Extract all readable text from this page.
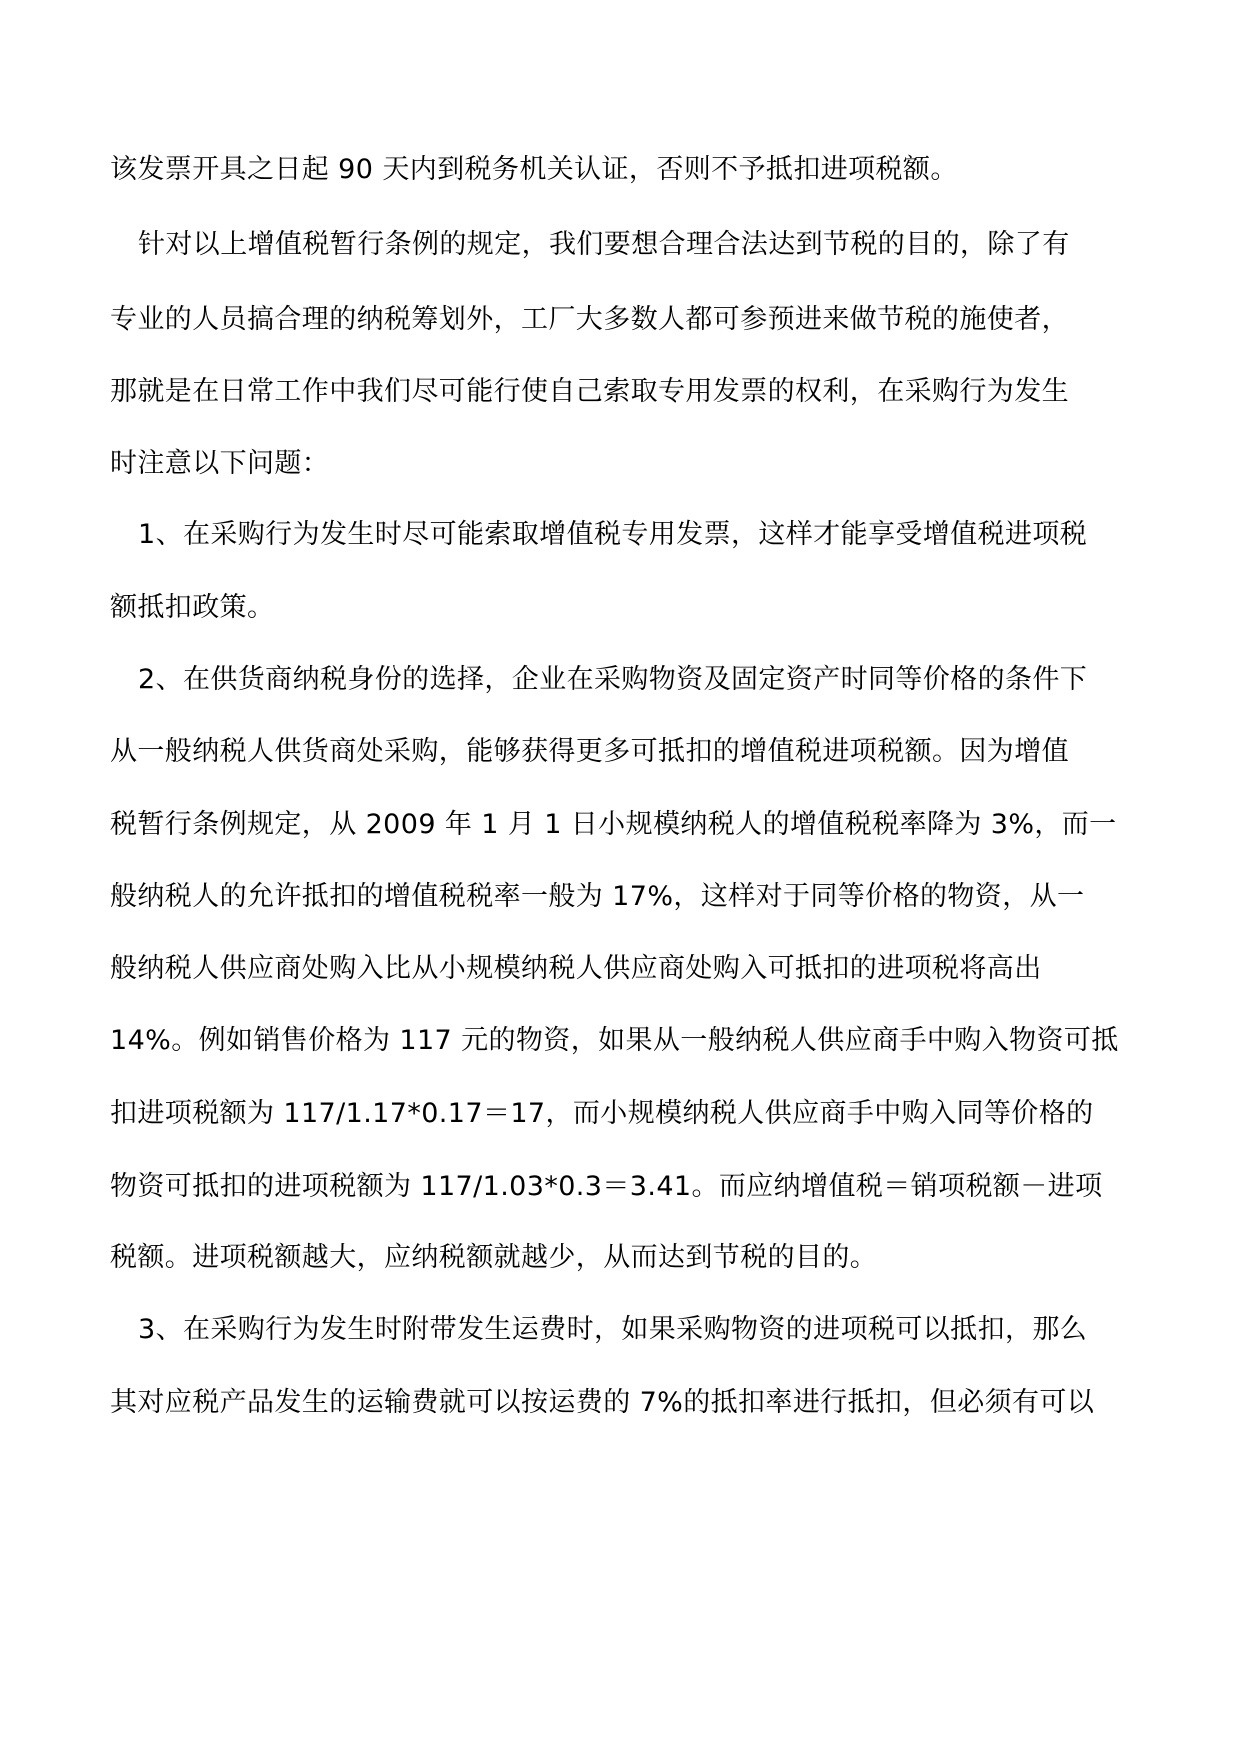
该发票开具之日起 90 天内到税务机关认证，否则不予抵扣进项税额。
针对以上增值税暂行条例的规定，我们要想合理合法达到节税的目的，除了有
专业的人员搞合理的纳税筹划外，工厂大多数人都可参预进来做节税的施使者，
那就是在日常工作中我们尽可能行使自己索取专用发票的权利，在采购行为发生
时注意以下问题：
1、在采购行为发生时尽可能索取增值税专用发票，这样才能享受增值税进项税
额抵扣政策。
2、在供货商纳税身份的选择，企业在采购物资及固定资产时同等价格的条件下
从一般纳税人供货商处采购，能够获得更多可抵扣的增值税进项税额。因为增值
税暂行条例规定，从 2009 年 1 月 1 日小规模纳税人的增值税税率降为 3%，而一
般纳税人的允许抵扣的增值税税率一般为 17%，这样对于同等价格的物资，从一
般纳税人供应商处购入比从小规模纳税人供应商处购入可抵扣的进项税将高出
14%。例如销售价格为 117 元的物资，如果从一般纳税人供应商手中购入物资可抵
扣进项税额为 117/1.17*0.17＝17，而小规模纳税人供应商手中购入同等价格的
物资可抵扣的进项税额为 117/1.03*0.3＝3.41。而应纳增值税＝销项税额－进项
税额。进项税额越大，应纳税额就越少，从而达到节税的目的。
3、在采购行为发生时附带发生运费时，如果采购物资的进项税可以抵扣，那么
其对应税产品发生的运输费就可以按运费的 7%的抵扣率进行抵扣，但必须有可以
